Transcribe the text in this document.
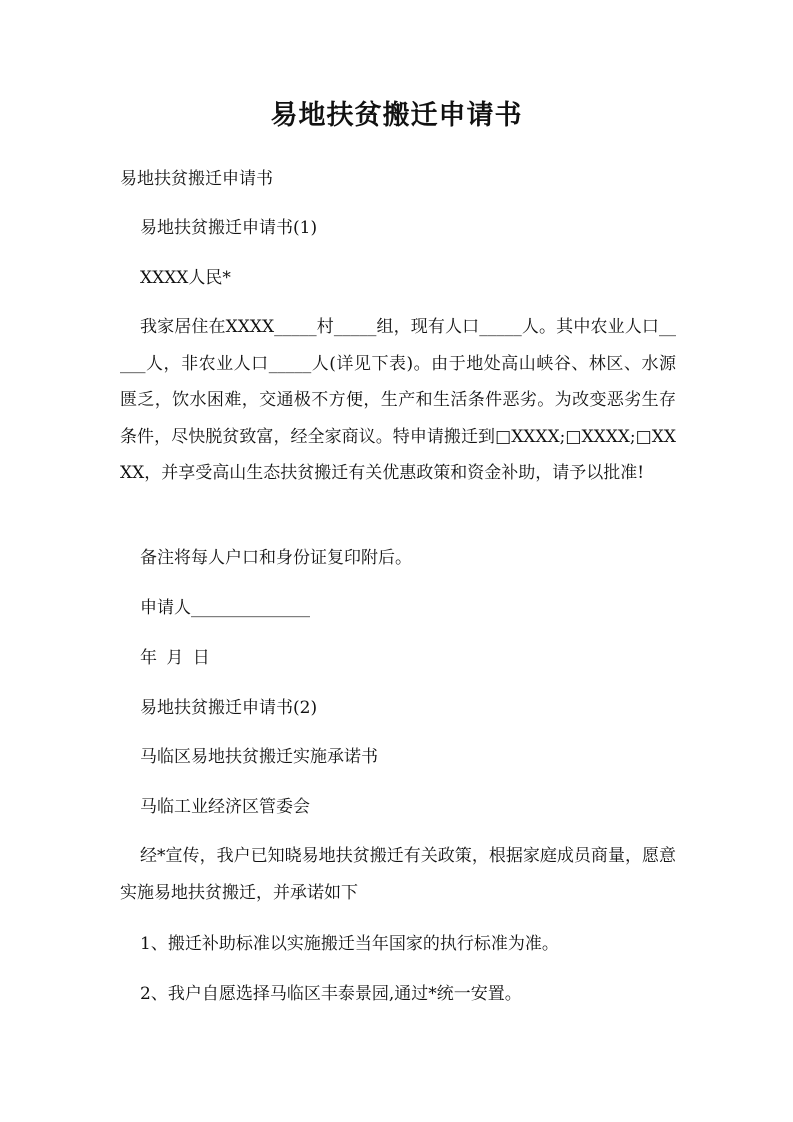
易地扶贫搬迁申请书
易地扶贫搬迁申请书
易地扶贫搬迁申请书(1)
XXXX人民*
我家居住在XXXX_____村_____组，现有人口_____人。其中农业人口_____人，非农业人口_____人(详见下表)。由于地处高山峡谷、林区、水源匮乏，饮水困难，交通极不方便，生产和生活条件恶劣。为改变恶劣生存条件，尽快脱贫致富，经全家商议。特申请搬迁到□XXXX;□XXXX;□XXXX，并享受高山生态扶贫搬迁有关优惠政策和资金补助，请予以批准!
备注将每人户口和身份证复印附后。
申请人______________
年 月 日
易地扶贫搬迁申请书(2)
马临区易地扶贫搬迁实施承诺书
马临工业经济区管委会
经*宣传，我户已知晓易地扶贫搬迁有关政策，根据家庭成员商量，愿意实施易地扶贫搬迁，并承诺如下
1、搬迁补助标准以实施搬迁当年国家的执行标准为准。
2、我户自愿选择马临区丰泰景园,通过*统一安置。
